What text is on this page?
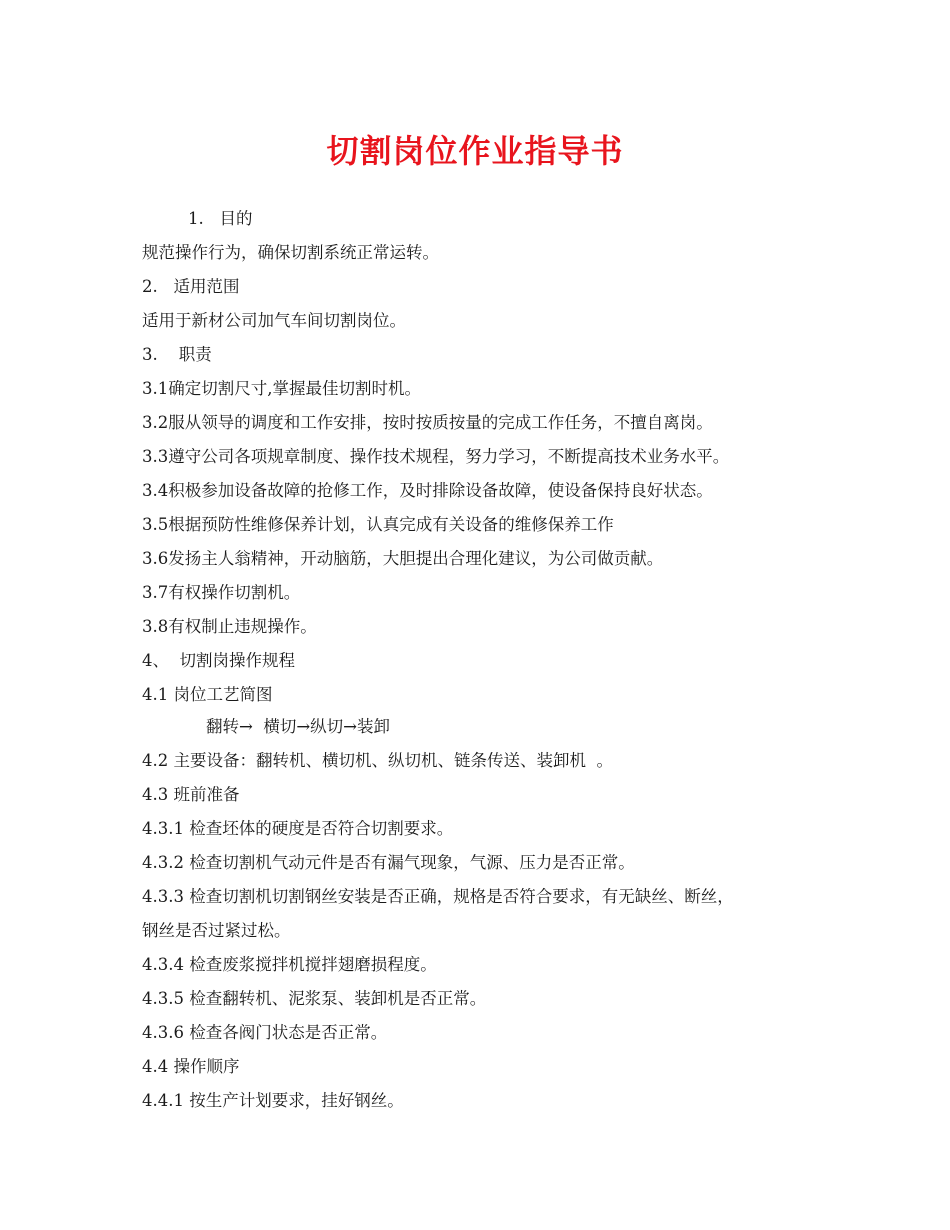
切割岗位作业指导书
1.   目的
规范操作行为，确保切割系统正常运转。
2.   适用范围
适用于新材公司加气车间切割岗位。
3.    职责
3.1确定切割尺寸,掌握最佳切割时机。
3.2服从领导的调度和工作安排，按时按质按量的完成工作任务，不擅自离岗。
3.3遵守公司各项规章制度、操作技术规程，努力学习，不断提高技术业务水平。
3.4积极参加设备故障的抢修工作，及时排除设备故障，使设备保持良好状态。
3.5根据预防性维修保养计划，认真完成有关设备的维修保养工作
3.6发扬主人翁精神，开动脑筋，大胆提出合理化建议，为公司做贡献。
3.7有权操作切割机。
3.8有权制止违规操作。
4、  切割岗操作规程
4.1 岗位工艺简图
翻转→  横切→纵切→装卸
4.2 主要设备：翻转机、横切机、纵切机、链条传送、装卸机  。
4.3 班前准备
4.3.1 检查坯体的硬度是否符合切割要求。
4.3.2 检查切割机气动元件是否有漏气现象，气源、压力是否正常。
4.3.3 检查切割机切割钢丝安装是否正确，规格是否符合要求，有无缺丝、断丝，
钢丝是否过紧过松。
4.3.4 检查废浆搅拌机搅拌翅磨损程度。
4.3.5 检查翻转机、泥浆泵、装卸机是否正常。
4.3.6 检查各阀门状态是否正常。
4.4 操作顺序
4.4.1 按生产计划要求，挂好钢丝。
